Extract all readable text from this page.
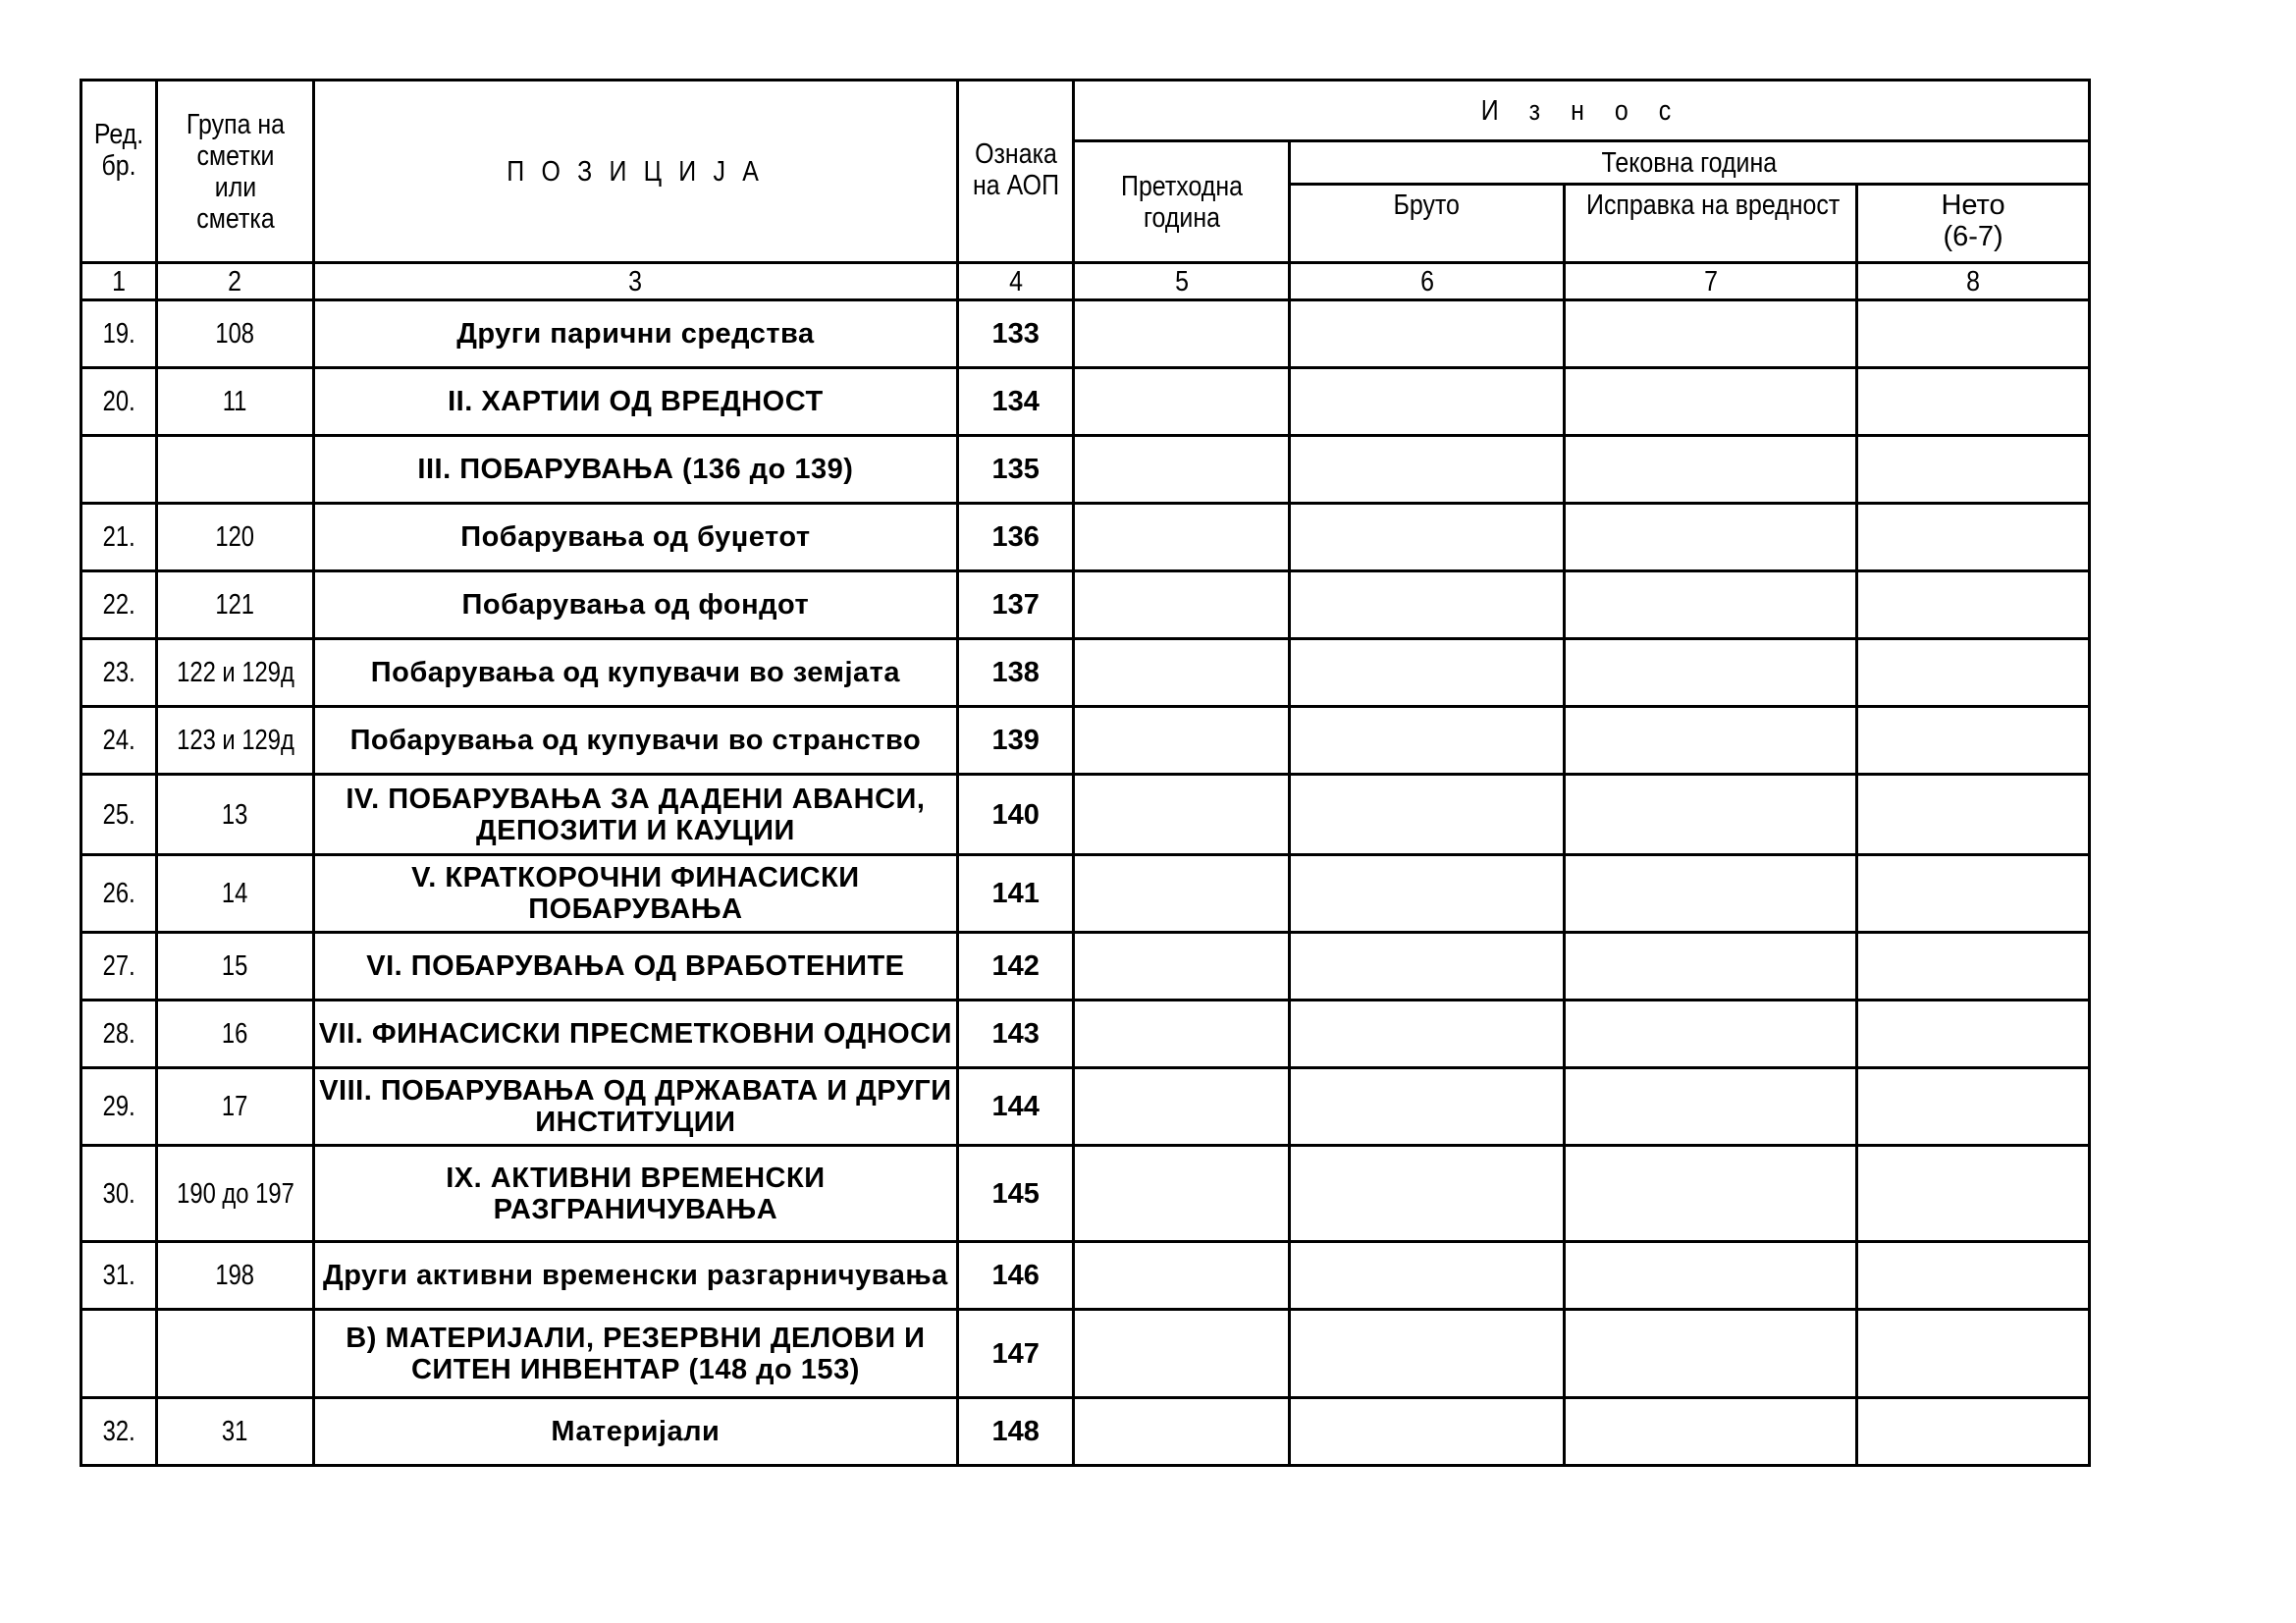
Ред. бр.	Група на сметки или сметка	П О З И Ц И Ј А	Ознака на АОП	И з н о с			
				Претходна година	Тековна година		
					Бруто	Исправка на вредност	Нето
(6-7)

1	2	3	4	5	6	7	8
19.	108	Други парични средства	133				
20.	11	II. ХАРТИИ ОД ВРЕДНОСТ	134				
		III. ПОБАРУВАЊА (136 до 139)	135				
21.	120	Побарувања од буџетот	136				
22.	121	Побарувања од фондот	137				
23.	122 и 129д	Побарувања од купувачи во земјата	138				
24.	123 и 129д	Побарувања од купувачи во странство	139				
25.	13	IV. ПОБАРУВАЊА ЗА ДАДЕНИ АВАНСИ, ДЕПОЗИТИ И КАУЦИИ	140				
26.	14	V. КРАТКОРОЧНИ ФИНАСИСКИ ПОБАРУВАЊА	141				
27.	15	VI. ПОБАРУВАЊА ОД ВРАБОТЕНИТЕ	142				
28.	16	VII. ФИНАСИСКИ ПРЕСМЕТКОВНИ ОДНОСИ	143				
29.	17	VIII. ПОБАРУВАЊА ОД ДРЖАВАТА И ДРУГИ ИНСТИТУЦИИ	144				
30.	190 до 197	IX. АКТИВНИ ВРЕМЕНСКИ РАЗГРАНИЧУВАЊА	145				
31.	198	Други активни временски разгарничувања	146				
		В) МАТЕРИЈАЛИ, РЕЗЕРВНИ ДЕЛОВИ И СИТЕН ИНВЕНТАР (148 до 153)	147				
32.	31	Материјали	148				
